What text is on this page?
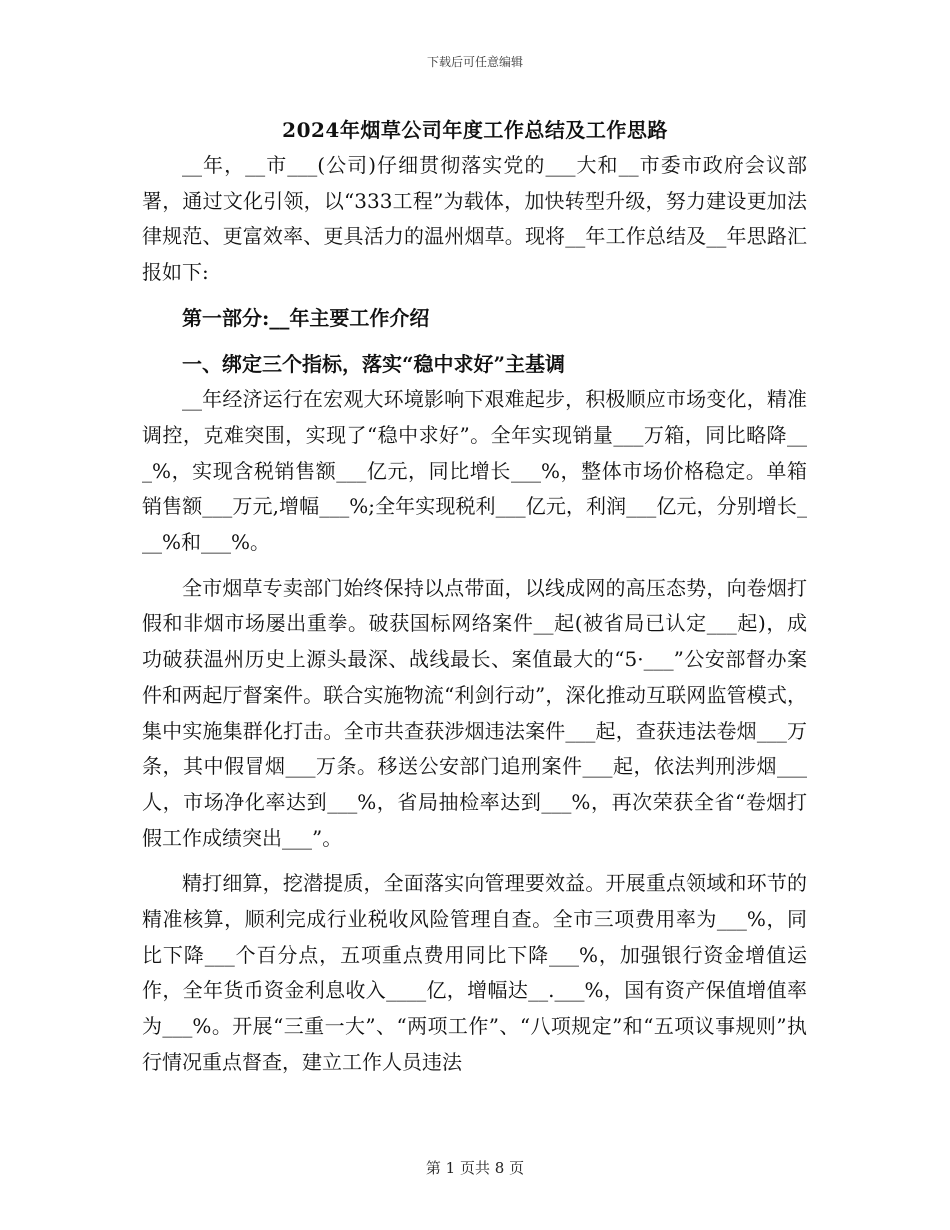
下载后可任意编辑
2024年烟草公司年度工作总结及工作思路

__年，__市___(公司)仔细贯彻落实党的___大和__市委市政府会议部署，通过文化引领，以“333工程”为载体，加快转型升级，努力建设更加法律规范、更富效率、更具活力的温州烟草。现将__年工作总结及__年思路汇报如下:

第一部分:__年主要工作介绍

一、绑定三个指标，落实“稳中求好”主基调

__年经济运行在宏观大环境影响下艰难起步，积极顺应市场变化，精准调控，克难突围，实现了“稳中求好”。全年实现销量___万箱，同比略降___%，实现含税销售额___亿元，同比增长___%，整体市场价格稳定。单箱销售额___万元,增幅___%;全年实现税利___亿元，利润___亿元，分别增长___%和___%。

全市烟草专卖部门始终保持以点带面，以线成网的高压态势，向卷烟打假和非烟市场屡出重拳。破获国标网络案件__起(被省局已认定___起)，成功破获温州历史上源头最深、战线最长、案值最大的“5·___”公安部督办案件和两起厅督案件。联合实施物流“利剑行动”，深化推动互联网监管模式，集中实施集群化打击。全市共查获涉烟违法案件___起，查获违法卷烟___万条，其中假冒烟___万条。移送公安部门追刑案件___起，依法判刑涉烟___人，市场净化率达到___%，省局抽检率达到___%，再次荣获全省“卷烟打假工作成绩突出___”。

精打细算，挖潜提质，全面落实向管理要效益。开展重点领域和环节的精准核算，顺利完成行业税收风险管理自查。全市三项费用率为___%，同比下降___个百分点，五项重点费用同比下降___%，加强银行资金增值运作，全年货币资金利息收入____亿，增幅达__.___%，国有资产保值增值率为___%。开展“三重一大”、“两项工作”、“八项规定”和“五项议事规则”执行情况重点督查，建立工作人员违法

第 1 页共 8 页
